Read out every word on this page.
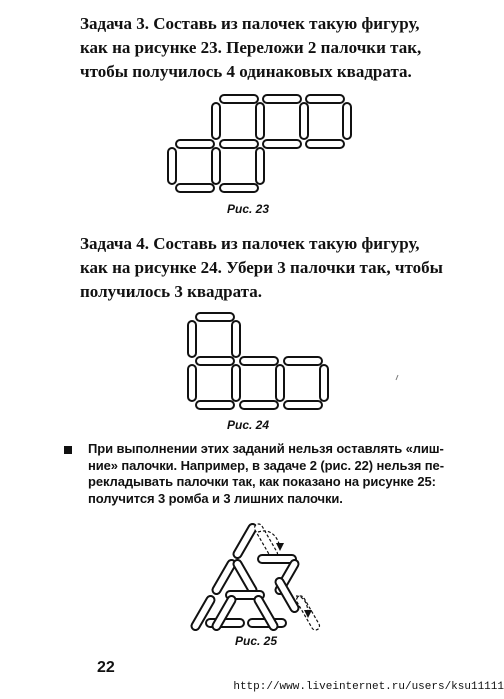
Задача 3. Составь из палочек такую фигуру,
как на рисунке 23. Переложи 2 палочки так,
чтобы получилось 4 одинаковых квадрата.
Рис. 23
Задача 4. Составь из палочек такую фигуру,
как на рисунке 24. Убери 3 палочки так, чтобы
получилось 3 квадрата.
Рис. 24
При выполнении этих заданий нельзя оставлять «лиш-
ние» палочки. Например, в задаче 2 (рис. 22) нельзя пе-
рекладывать палочки так, как показано на рисунке 25:
получится 3 ромба и 3 лишних палочки.
Рис. 25
22
http://www.liveinternet.ru/users/ksu11111
